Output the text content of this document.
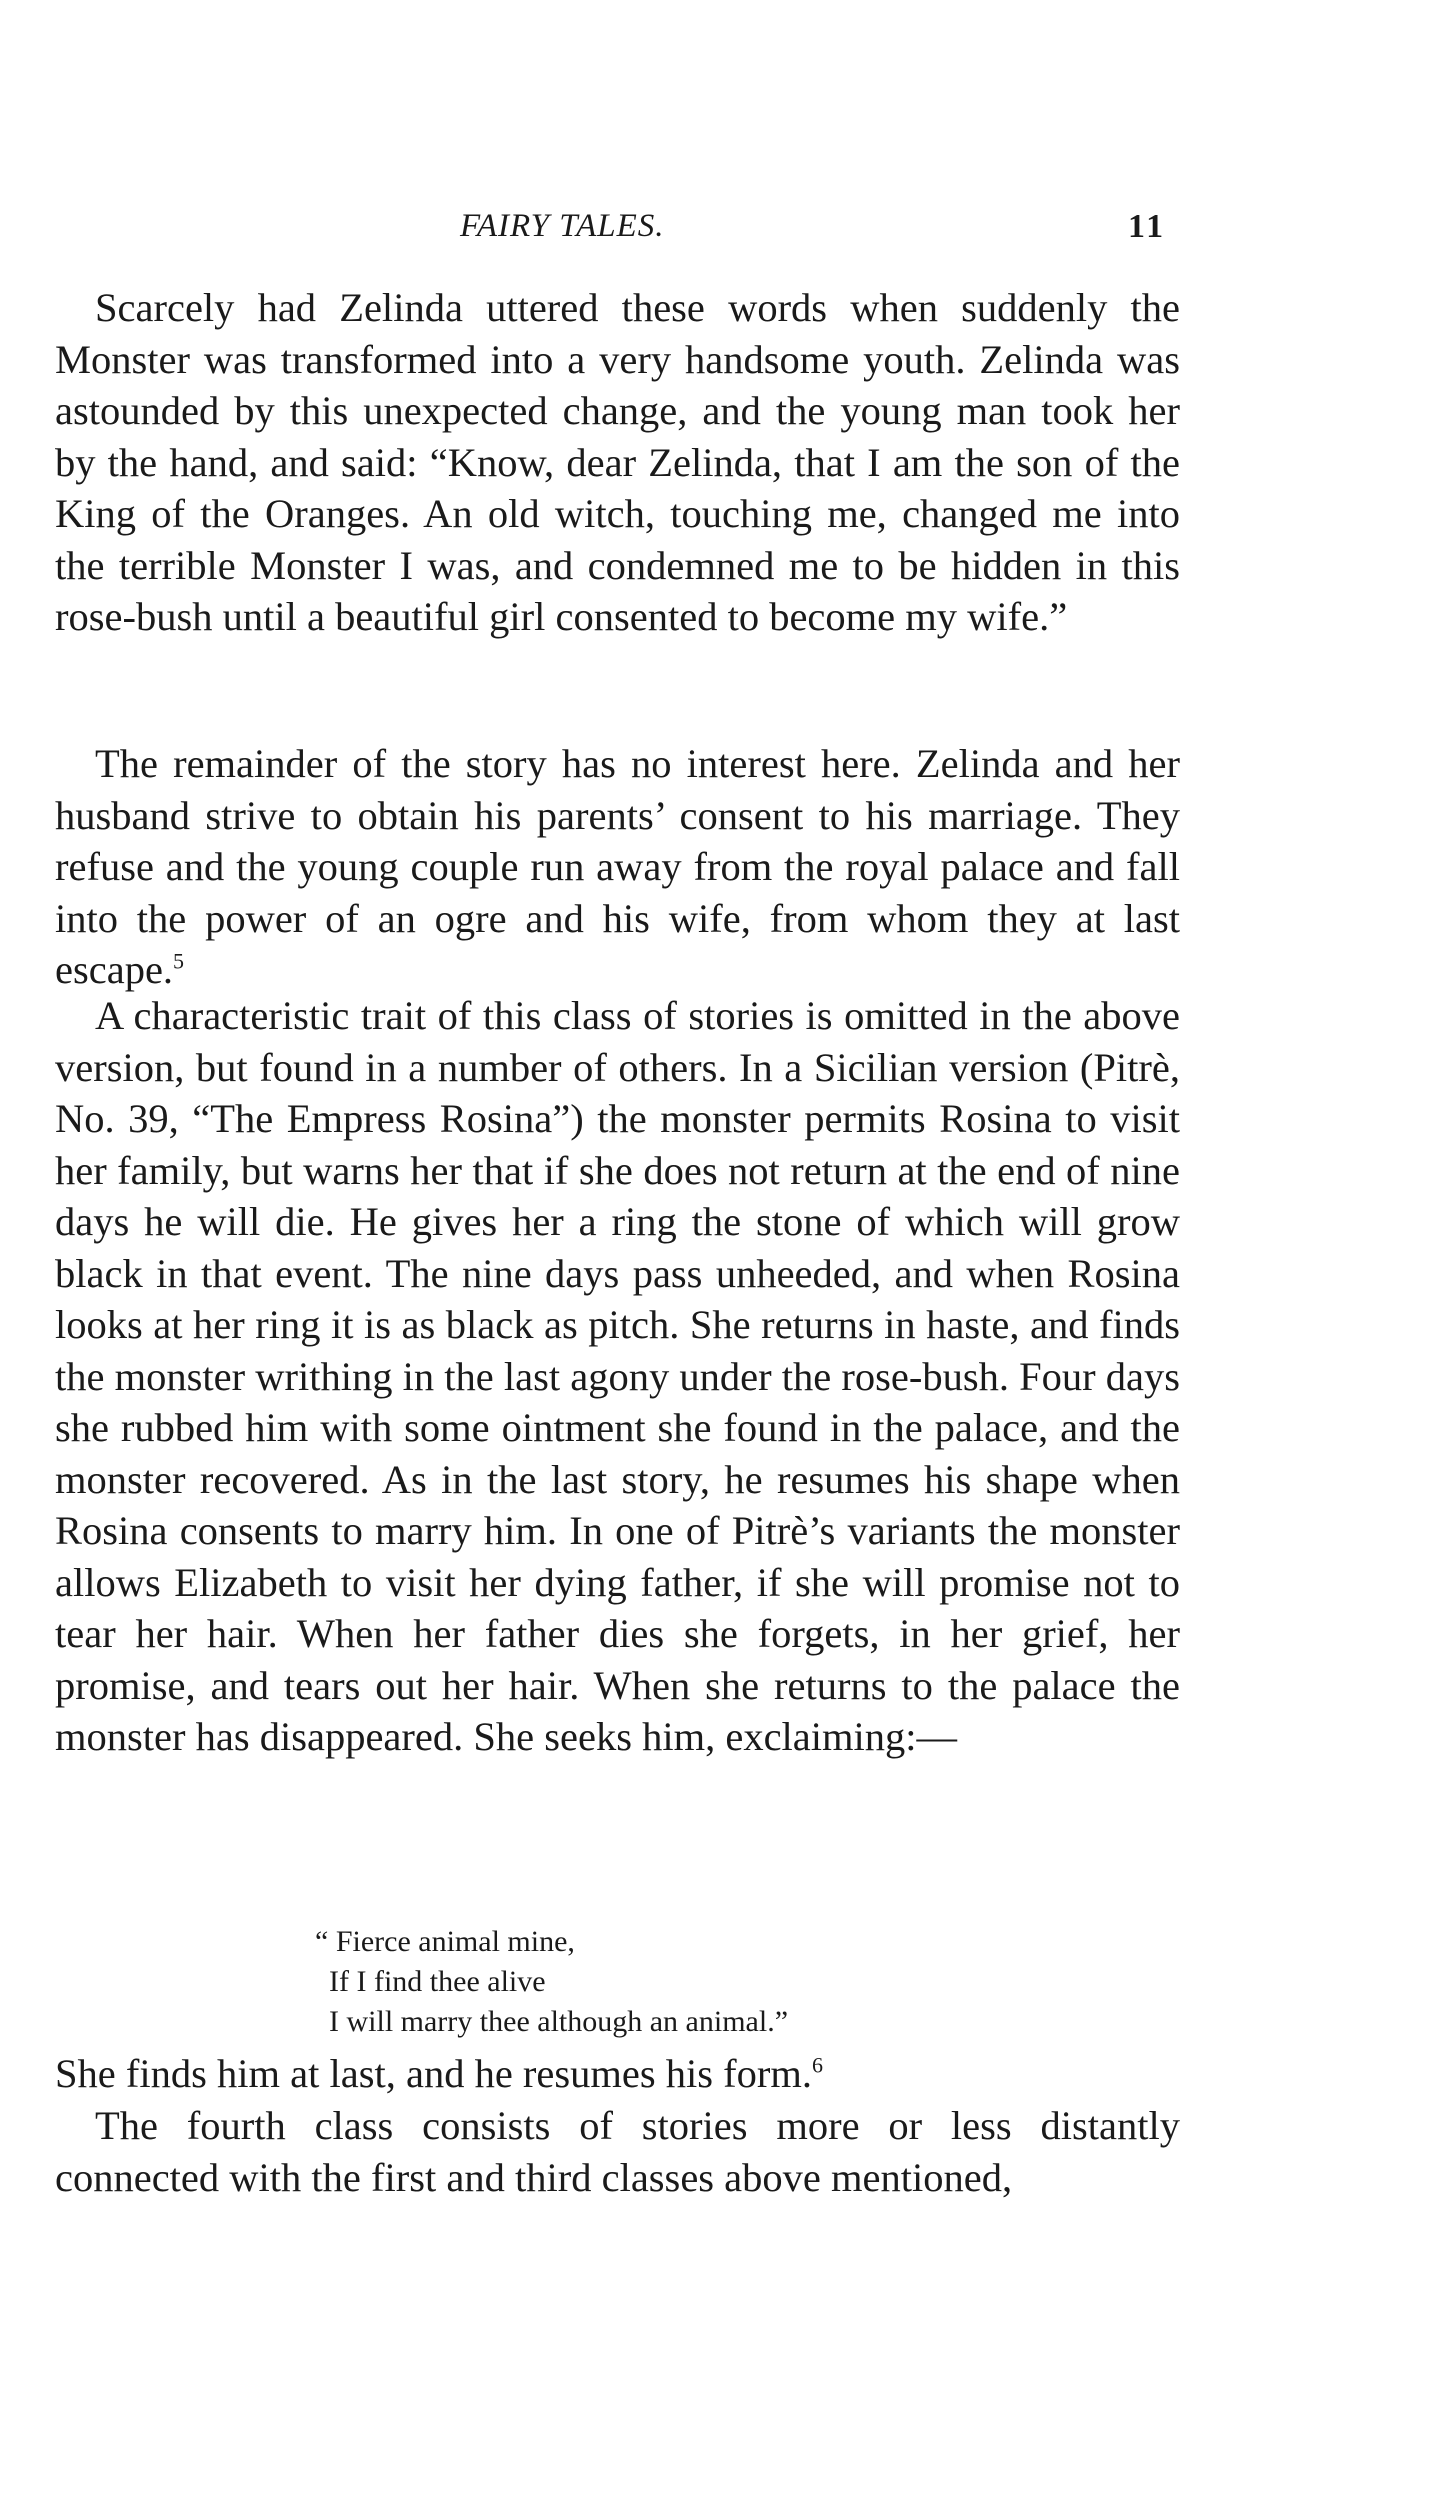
FAIRY TALES.	11

Scarcely had Zelinda uttered these words when suddenly the Monster was transformed into a very handsome youth. Zelinda was astounded by this unexpected change, and the young man took her by the hand, and said: “Know, dear Zelinda, that I am the son of the King of the Oranges. An old witch, touching me, changed me into the terrible Monster I was, and condemned me to be hidden in this rose-bush until a beautiful girl consented to become my wife.”

The remainder of the story has no interest here. Zelinda and her husband strive to obtain his parents’ consent to his marriage. They refuse and the young couple run away from the royal palace and fall into the power of an ogre and his wife, from whom they at last escape.$^5$

A characteristic trait of this class of stories is omitted in the above version, but found in a number of others. In a Sicilian version (Pitrè, No. 39, “The Empress Rosina”) the monster permits Rosina to visit her family, but warns her that if she does not return at the end of nine days he will die. He gives her a ring the stone of which will grow black in that event. The nine days pass unheeded, and when Rosina looks at her ring it is as black as pitch. She returns in haste, and finds the monster writhing in the last agony under the rose-bush. Four days she rubbed him with some ointment she found in the palace, and the monster recovered. As in the last story, he resumes his shape when Rosina consents to marry him. In one of Pitrè’s variants the monster allows Elizabeth to visit her dying father, if she will promise not to tear her hair. When her father dies she forgets, in her grief, her promise, and tears out her hair. When she returns to the palace the monster has disappeared. She seeks him, exclaiming:—

“ Fierce animal mine,
If I find thee alive
I will marry thee although an animal.”

She finds him at last, and he resumes his form.$^6$

The fourth class consists of stories more or less distantly connected with the first and third classes above mentioned,
